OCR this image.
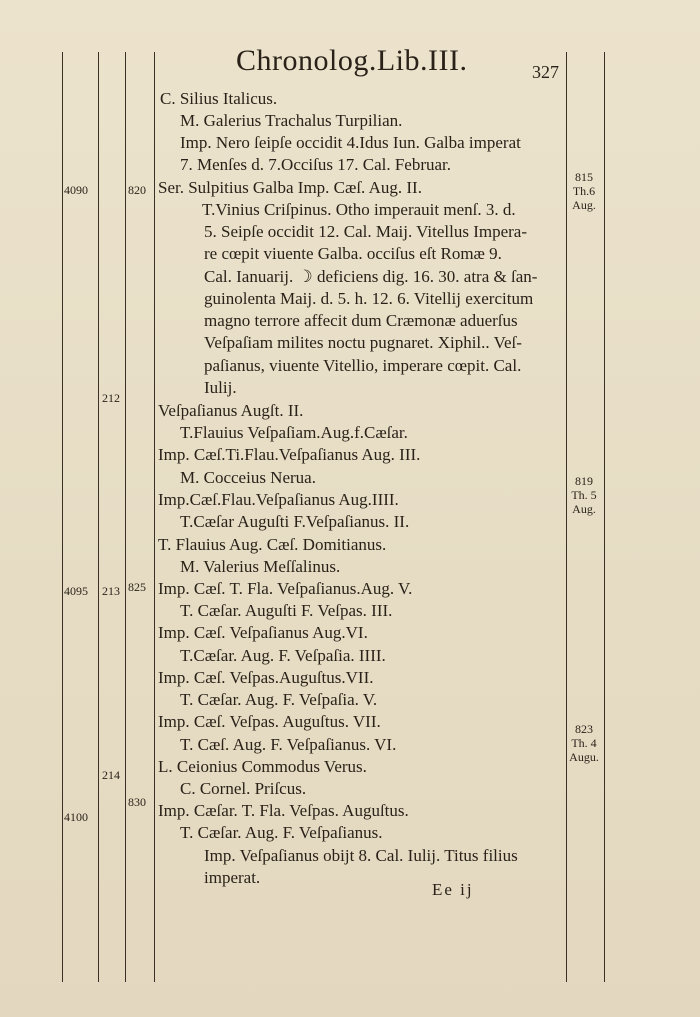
Chronolog.Lib.III.	327
C. Silius Italicus.
M. Galerius Trachalus Turpilian.
Imp. Nero ſeipſe occidit 4.Idus Iun. Galba imperat
7. Menſes d. 7.Occiſus 17. Cal. Februar.
Ser. Sulpitius Galba Imp. Cæſ. Aug. II.
T.Vinius Criſpinus. Otho imperauit menſ. 3. d.
5. Seipſe occidit 12. Cal. Maij. Vitellus Impera-
re cœpit viuente Galba. occiſus eſt Romæ 9.
Cal. Ianuarij. ☽ deficiens dig. 16. 30. atra & ſan-
guinolenta Maij. d. 5. h. 12. 6. Vitellij exercitum
magno terrore affecit dum Cræmonæ aduerſus
Veſpaſiam milites noctu pugnaret. Xiphil.. Veſ-
paſianus, viuente Vitellio, imperare cœpit. Cal.
Iulij.
Veſpaſianus Augſt. II.
T.Flauius Veſpaſiam.Aug.f.Cæſar.
Imp. Cæſ.Ti.Flau.Veſpaſianus Aug. III.
M. Cocceius Nerua.
Imp.Cæſ.Flau.Veſpaſianus Aug.IIII.
T.Cæſar Auguſti F.Veſpaſianus. II.
T. Flauius Aug. Cæſ. Domitianus.
M. Valerius Meſſalinus.
Imp. Cæſ. T. Fla. Veſpaſianus.Aug. V.
T. Cæſar. Auguſti F. Veſpas. III.
Imp. Cæſ. Veſpaſianus Aug.VI.
T.Cæſar. Aug. F. Veſpaſia. IIII.
Imp. Cæſ. Veſpas.Auguſtus.VII.
T. Cæſar. Aug. F. Veſpaſia. V.
Imp. Cæſ. Veſpas. Auguſtus. VII.
T. Cæſ. Aug. F. Veſpaſianus. VI.
L. Ceionius Commodus Verus.
C. Cornel. Priſcus.
Imp. Cæſar. T. Fla. Veſpas. Auguſtus.
T. Cæſar. Aug. F. Veſpaſianus.
Imp. Veſpaſianus obijt 8. Cal. Iulij. Titus filius
imperat.
4090	820
212
4095 213 825
214
830
4100
815
Th.6
Aug.
819
Th. 5
Aug.
823
Th. 4
Augu.
Ee ij
